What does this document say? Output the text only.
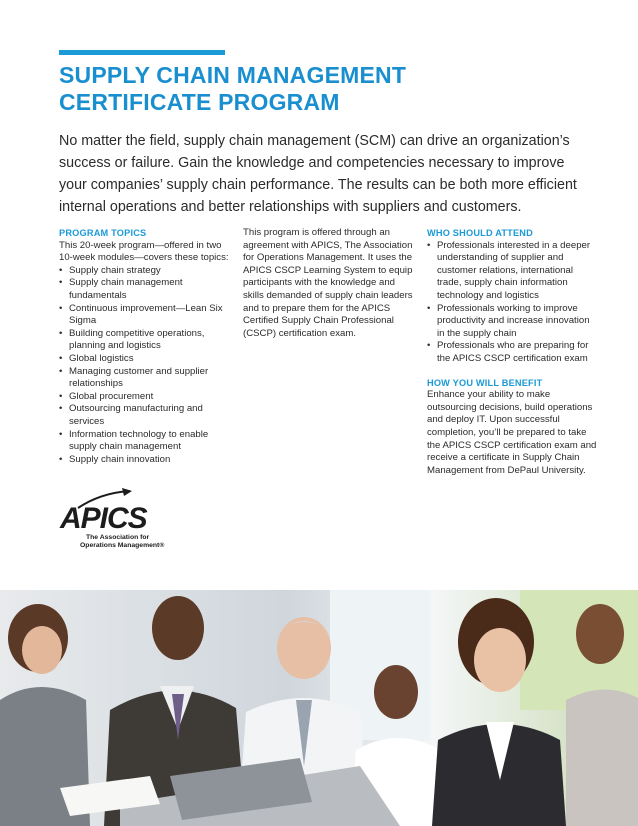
SUPPLY CHAIN MANAGEMENT
CERTIFICATE PROGRAM

No matter the field, supply chain management (SCM) can drive an organization’s success or failure. Gain the knowledge and competencies necessary to improve your companies’ supply chain performance. The results can be both more efficient internal operations and better relationships with suppliers and customers.

PROGRAM TOPICS

This 20-week program—offered in two 10-week modules—covers these topics:

• Supply chain strategy
• Supply chain management fundamentals
• Continuous improvement—Lean Six Sigma
• Building competitive operations, planning and logistics
• Global logistics
• Managing customer and supplier relationships
• Global procurement
• Outsourcing manufacturing and services
• Information technology to enable supply chain management
• Supply chain innovation

This program is offered through an agreement with APICS, The Association for Operations Management. It uses the APICS CSCP Learning System to equip participants with the knowledge and skills demanded of supply chain leaders and to prepare them for the APICS Certified Supply Chain Professional (CSCP) certification exam.

WHO SHOULD ATTEND

• Professionals interested in a deeper understanding of supplier and customer relations, international trade, supply chain information technology and logistics
• Professionals working to improve productivity and increase innovation in the supply chain
• Professionals who are preparing for the APICS CSCP certification exam

HOW YOU WILL BENEFIT

Enhance your ability to make outsourcing decisions, build operations and deploy IT. Upon successful completion, you’ll be prepared to take the APICS CSCP certification exam and receive a certificate in Supply Chain Management from DePaul University.

APICS
The Association for
Operations Management®
